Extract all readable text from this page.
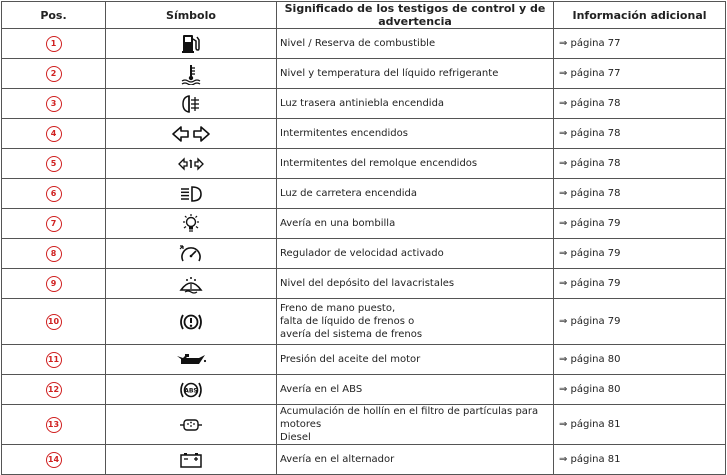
Pos.	Símbolo	Significado de los testigos de control y de advertencia	Información adicional
1		Nivel / Reserva de combustible	⇒ página 77
2		Nivel y temperatura del líquido refrigerante	⇒ página 77
3		Luz trasera antiniebla encendida	⇒ página 78
4		Intermitentes encendidos	⇒ página 78
5		Intermitentes del remolque encendidos	⇒ página 78
6		Luz de carretera encendida	⇒ página 78
7		Avería en una bombilla	⇒ página 79
8		Regulador de velocidad activado	⇒ página 79
9		Nivel del depósito del lavacristales	⇒ página 79
10		Freno de mano puesto,
falta de líquido de frenos o
avería del sistema de frenos	⇒ página 79
11		Presión del aceite del motor	⇒ página 80
12	ABS	Avería en el ABS	⇒ página 80
13		Acumulación de hollín en el filtro de partículas para motores
Diesel	⇒ página 81
14		Avería en el alternador	⇒ página 81
